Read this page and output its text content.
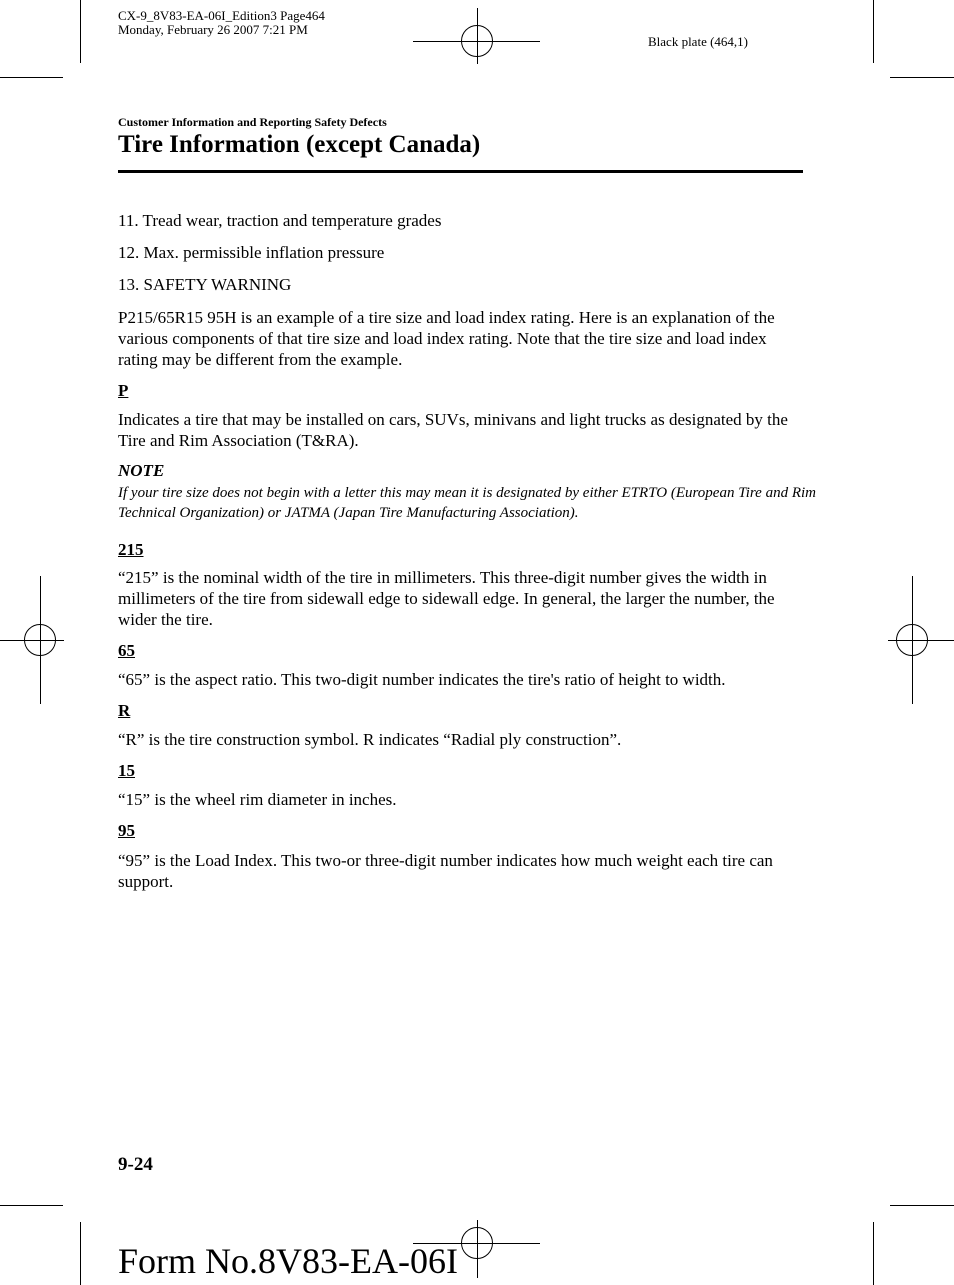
CX-9_8V83-EA-06I_Edition3 Page464
Monday, February 26 2007 7:21 PM
Black plate (464,1)
Customer Information and Reporting Safety Defects
Tire Information (except Canada)
11. Tread wear, traction and temperature grades
12. Max. permissible inflation pressure
13. SAFETY WARNING
P215/65R15 95H is an example of a tire size and load index rating. Here is an explanation of the various components of that tire size and load index rating. Note that the tire size and load index rating may be different from the example.
P
Indicates a tire that may be installed on cars, SUVs, minivans and light trucks as designated by the Tire and Rim Association (T&RA).
NOTE
If your tire size does not begin with a letter this may mean it is designated by either ETRTO (European Tire and Rim Technical Organization) or JATMA (Japan Tire Manufacturing Association).
215
“215” is the nominal width of the tire in millimeters. This three-digit number gives the width in millimeters of the tire from sidewall edge to sidewall edge. In general, the larger the number, the wider the tire.
65
“65” is the aspect ratio. This two-digit number indicates the tire's ratio of height to width.
R
“R” is the tire construction symbol. R indicates “Radial ply construction”.
15
“15” is the wheel rim diameter in inches.
95
“95” is the Load Index. This two-or three-digit number indicates how much weight each tire can support.
9-24
Form No.8V83-EA-06I
